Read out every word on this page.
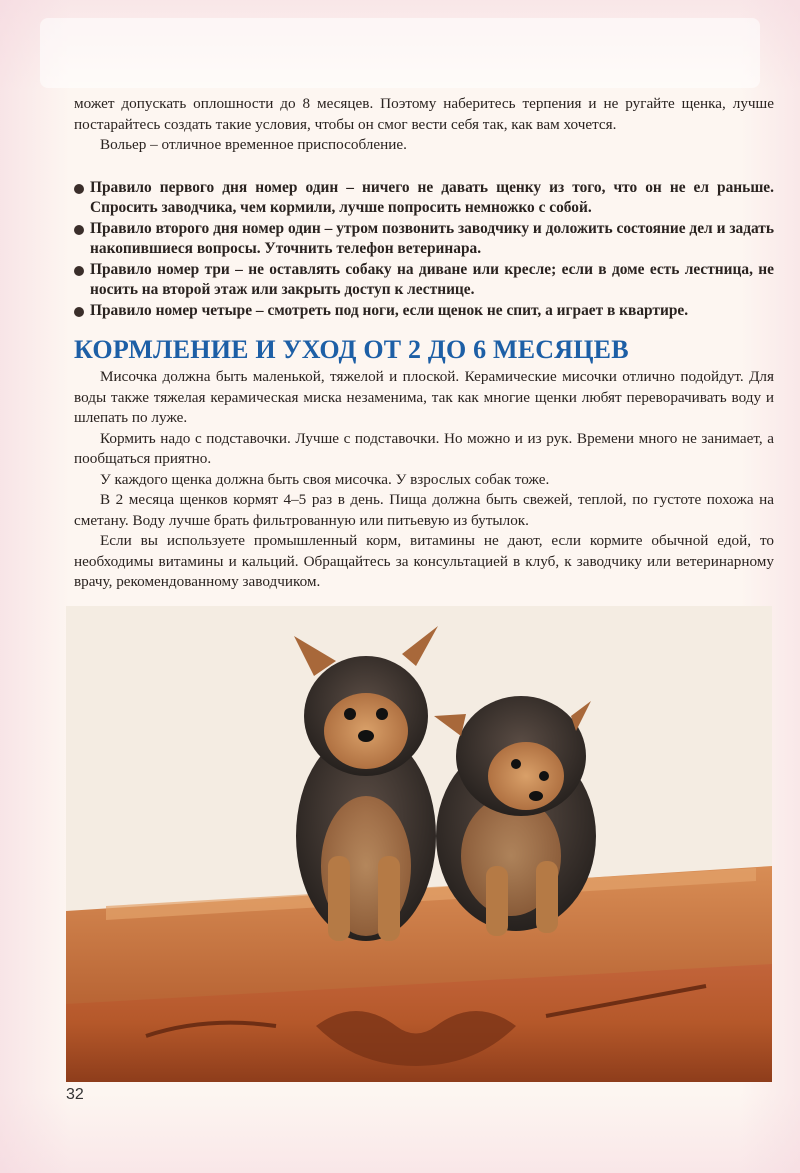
может допускать оплошности до 8 месяцев. Поэтому наберитесь терпения и не ругайте щенка, лучше постарайтесь создать такие условия, чтобы он смог вести себя так, как вам хочется.

Вольер – отличное временное приспособление.

Правило первого дня номер один – ничего не давать щенку из того, что он не ел раньше. Спросить заводчика, чем кормили, лучше попросить немножко с собой.
Правило второго дня номер один – утром позвонить заводчику и доложить состояние дел и задать накопившиеся вопросы. Уточнить телефон ветеринара.
Правило номер три – не оставлять собаку на диване или кресле; если в доме есть лестница, не носить на второй этаж или закрыть доступ к лестнице.
Правило номер четыре – смотреть под ноги, если щенок не спит, а играет в квартире.
КОРМЛЕНИЕ И УХОД ОТ 2 ДО 6 МЕСЯЦЕВ

Мисочка должна быть маленькой, тяжелой и плоской. Керамические мисочки отлично подойдут. Для воды также тяжелая керамическая миска незаменима, так как многие щенки любят переворачивать воду и шлепать по луже.

Кормить надо с подставочки. Лучше с подставочки. Но можно и из рук. Времени много не занимает, а пообщаться приятно.

У каждого щенка должна быть своя мисочка. У взрослых собак тоже.

В 2 месяца щенков кормят 4–5 раз в день. Пища должна быть свежей, теплой, по густоте похожа на сметану. Воду лучше брать фильтрованную или питьевую из бутылок.

Если вы используете промышленный корм, витамины не дают, если кормите обычной едой, то необходимы витамины и кальций. Обращайтесь за консультацией в клуб, к заводчику или ветеринарному врачу, рекомендованному заводчиком.

32
